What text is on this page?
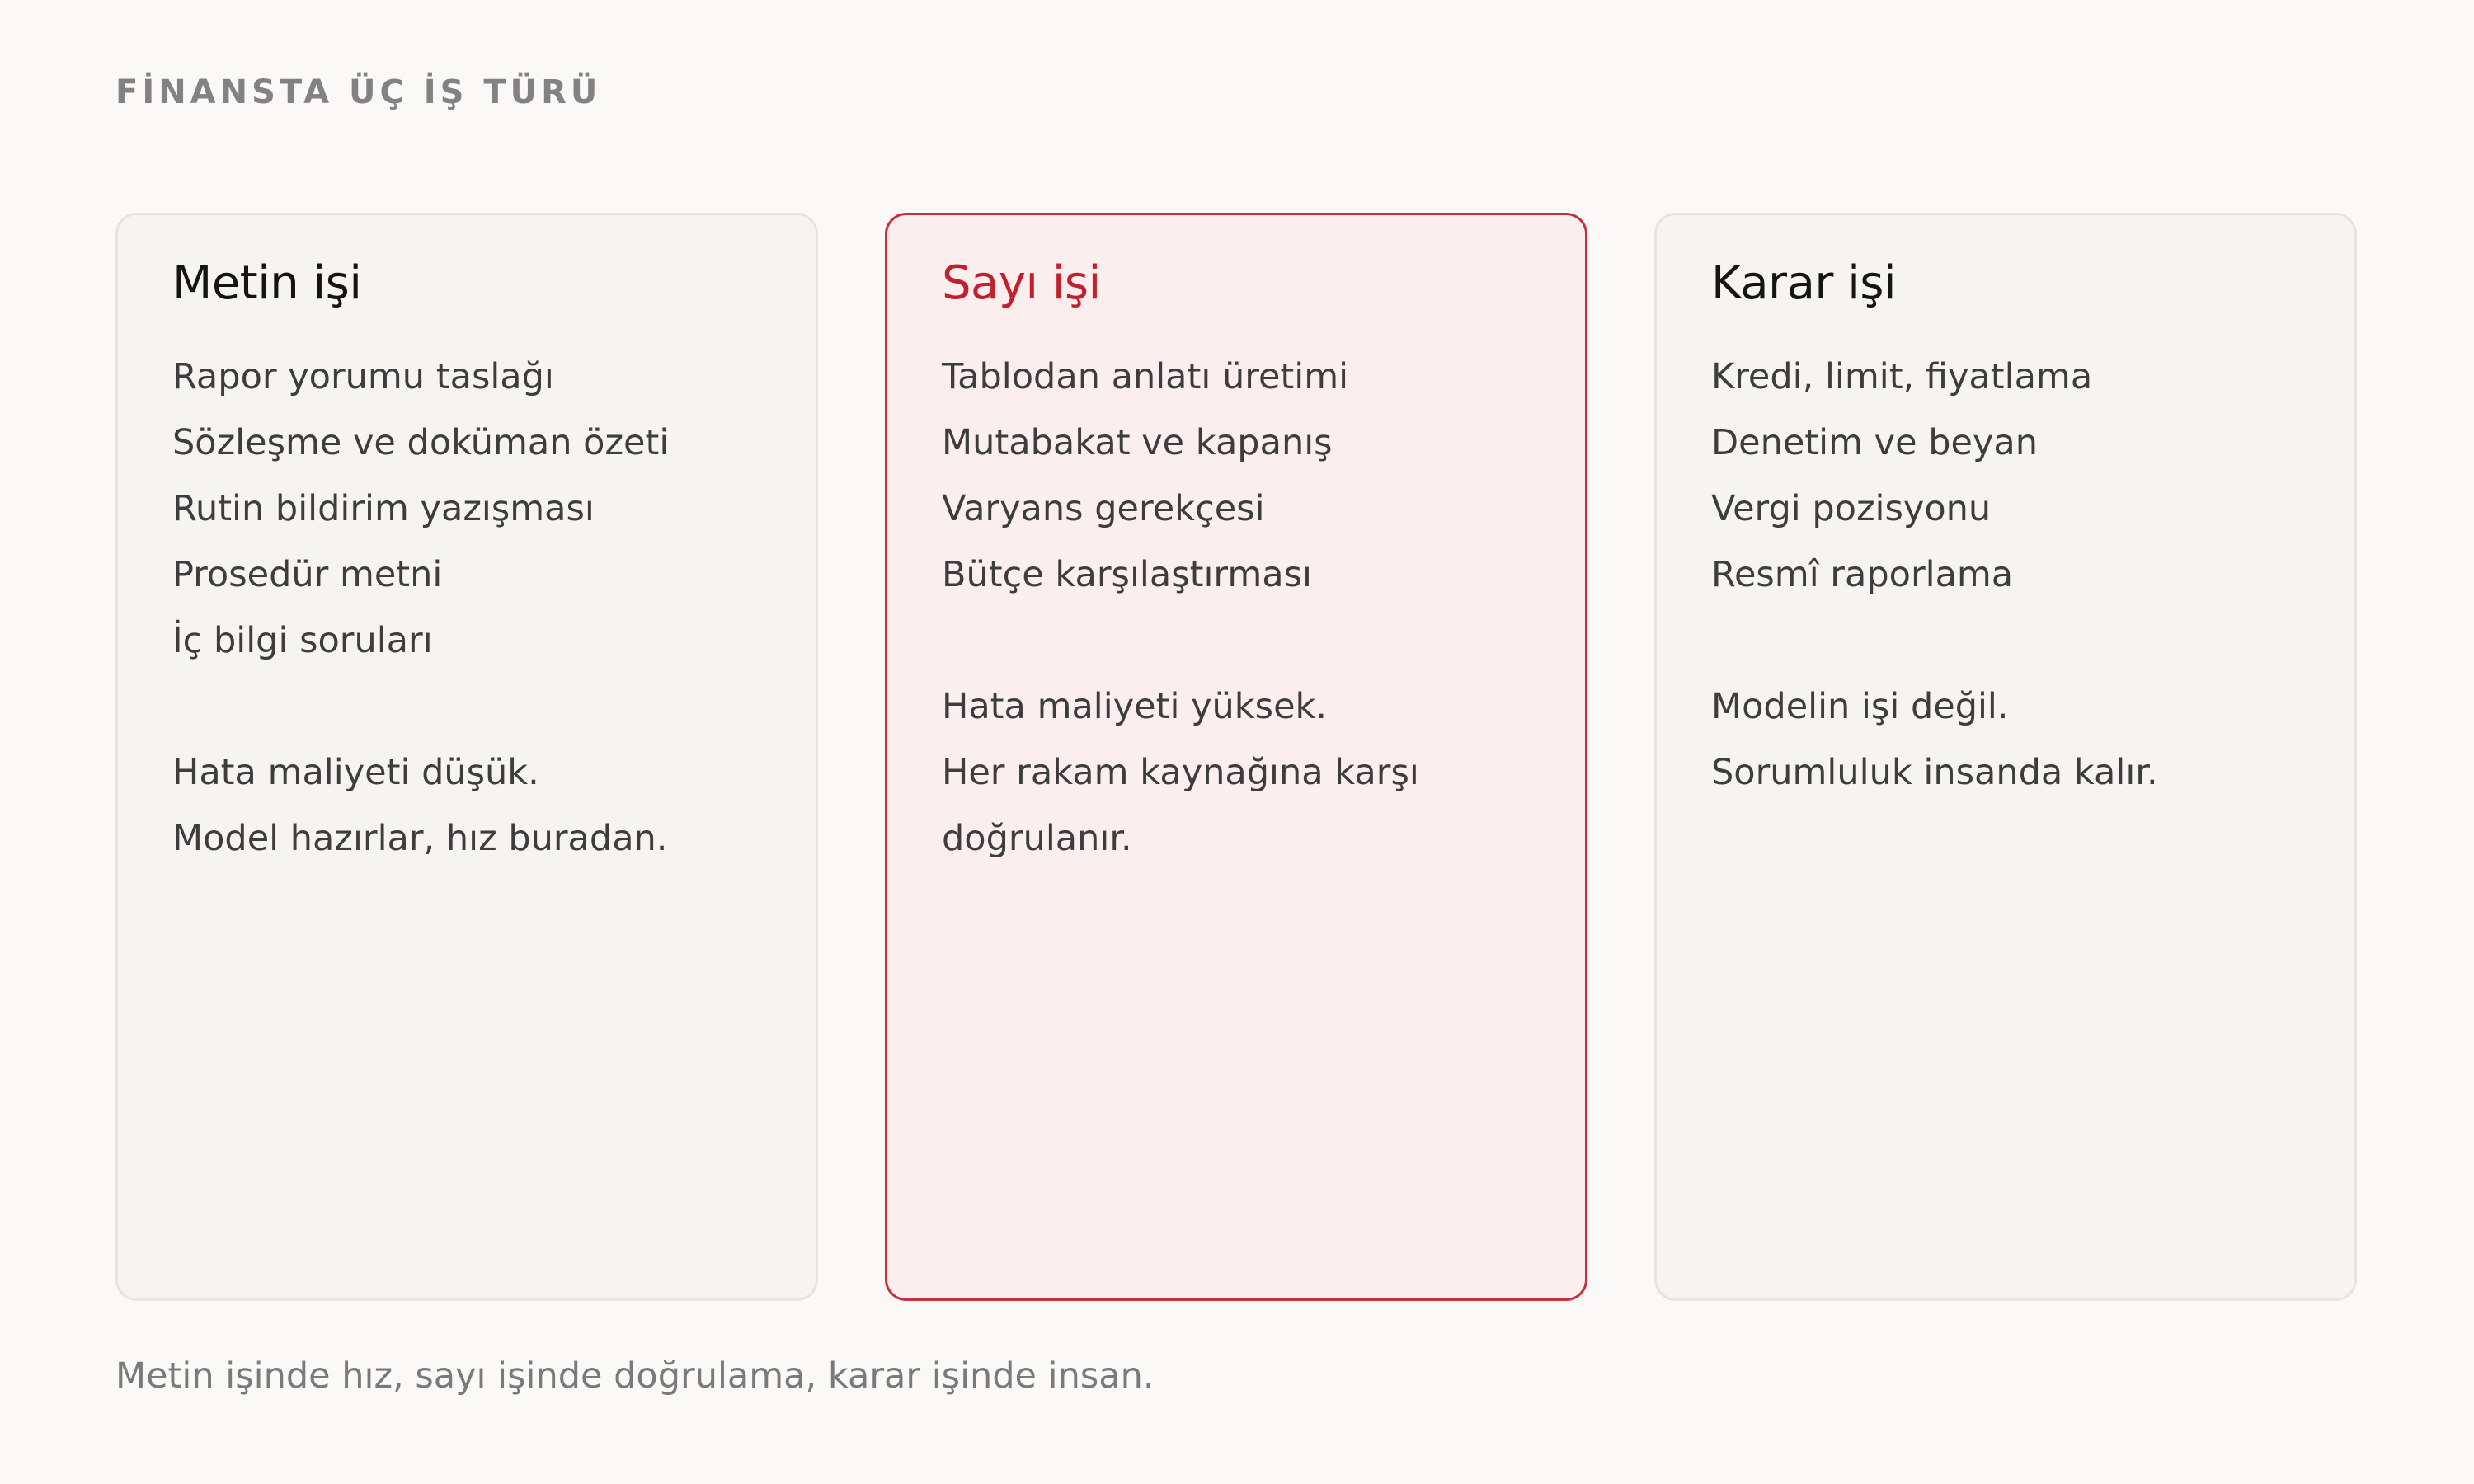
FİNANSTA ÜÇ İŞ TÜRÜ
Metin işi
Rapor yorumu taslağı
Sözleşme ve doküman özeti
Rutin bildirim yazışması
Prosedür metni
İç bilgi soruları
Hata maliyeti düşük.
Model hazırlar, hız buradan.
Sayı işi
Tablodan anlatı üretimi
Mutabakat ve kapanış
Varyans gerekçesi
Bütçe karşılaştırması
Hata maliyeti yüksek.
Her rakam kaynağına karşı
doğrulanır.
Karar işi
Kredi, limit, fiyatlama
Denetim ve beyan
Vergi pozisyonu
Resmî raporlama
Modelin işi değil.
Sorumluluk insanda kalır.

Metin işinde hız, sayı işinde doğrulama, karar işinde insan.
